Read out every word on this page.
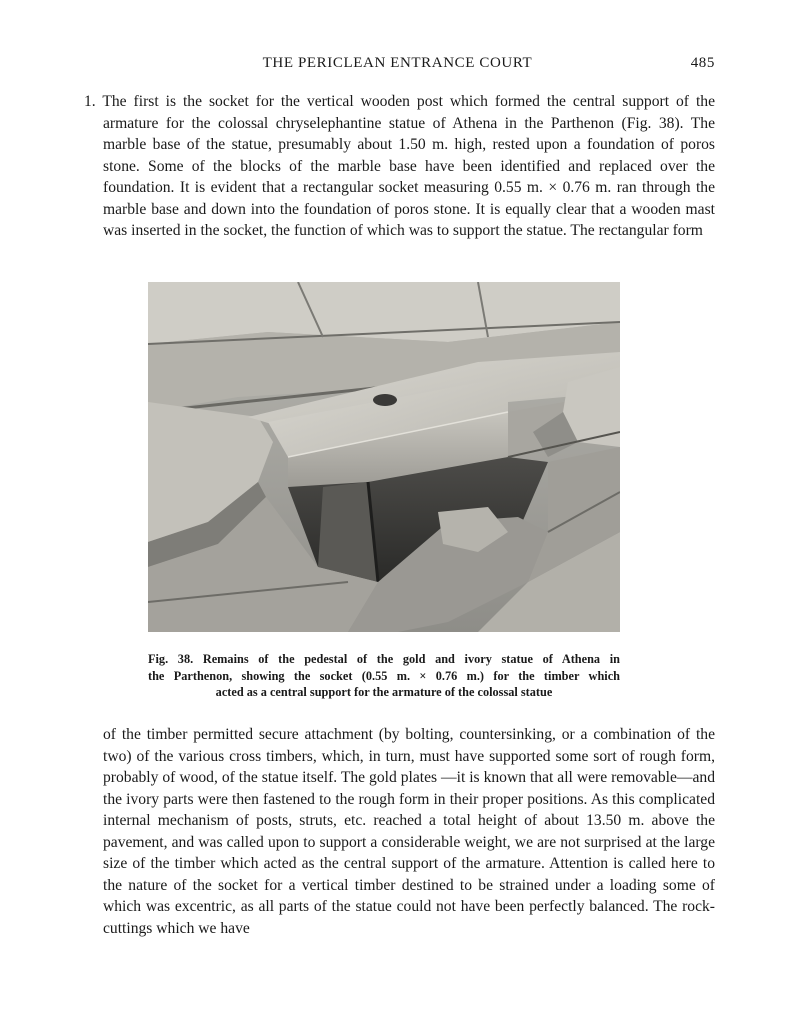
THE PERICLEAN ENTRANCE COURT	485

1. The first is the socket for the vertical wooden post which formed the central support of the armature for the colossal chryselephantine statue of Athena in the Parthenon (Fig. 38). The marble base of the statue, presumably about 1.50 m. high, rested upon a foundation of poros stone. Some of the blocks of the marble base have been identified and replaced over the foundation. It is evident that a rectangular socket measuring 0.55 m. × 0.76 m. ran through the marble base and down into the foundation of poros stone. It is equally clear that a wooden mast was inserted in the socket, the function of which was to support the statue. The rectangular form

Fig. 38. Remains of the pedestal of the gold and ivory statue of Athena in
the Parthenon, showing the socket (0.55 m. × 0.76 m.) for the timber which
acted as a central support for the armature of the colossal statue

of the timber permitted secure attachment (by bolting, countersinking, or a combination of the two) of the various cross timbers, which, in turn, must have supported some sort of rough form, probably of wood, of the statue itself. The gold plates —it is known that all were removable—and the ivory parts were then fastened to the rough form in their proper positions. As this complicated internal mechanism of posts, struts, etc. reached a total height of about 13.50 m. above the pavement, and was called upon to support a considerable weight, we are not surprised at the large size of the timber which acted as the central support of the armature. Attention is called here to the nature of the socket for a vertical timber destined to be strained under a loading some of which was excentric, as all parts of the statue could not have been perfectly balanced. The rock-cuttings which we have
